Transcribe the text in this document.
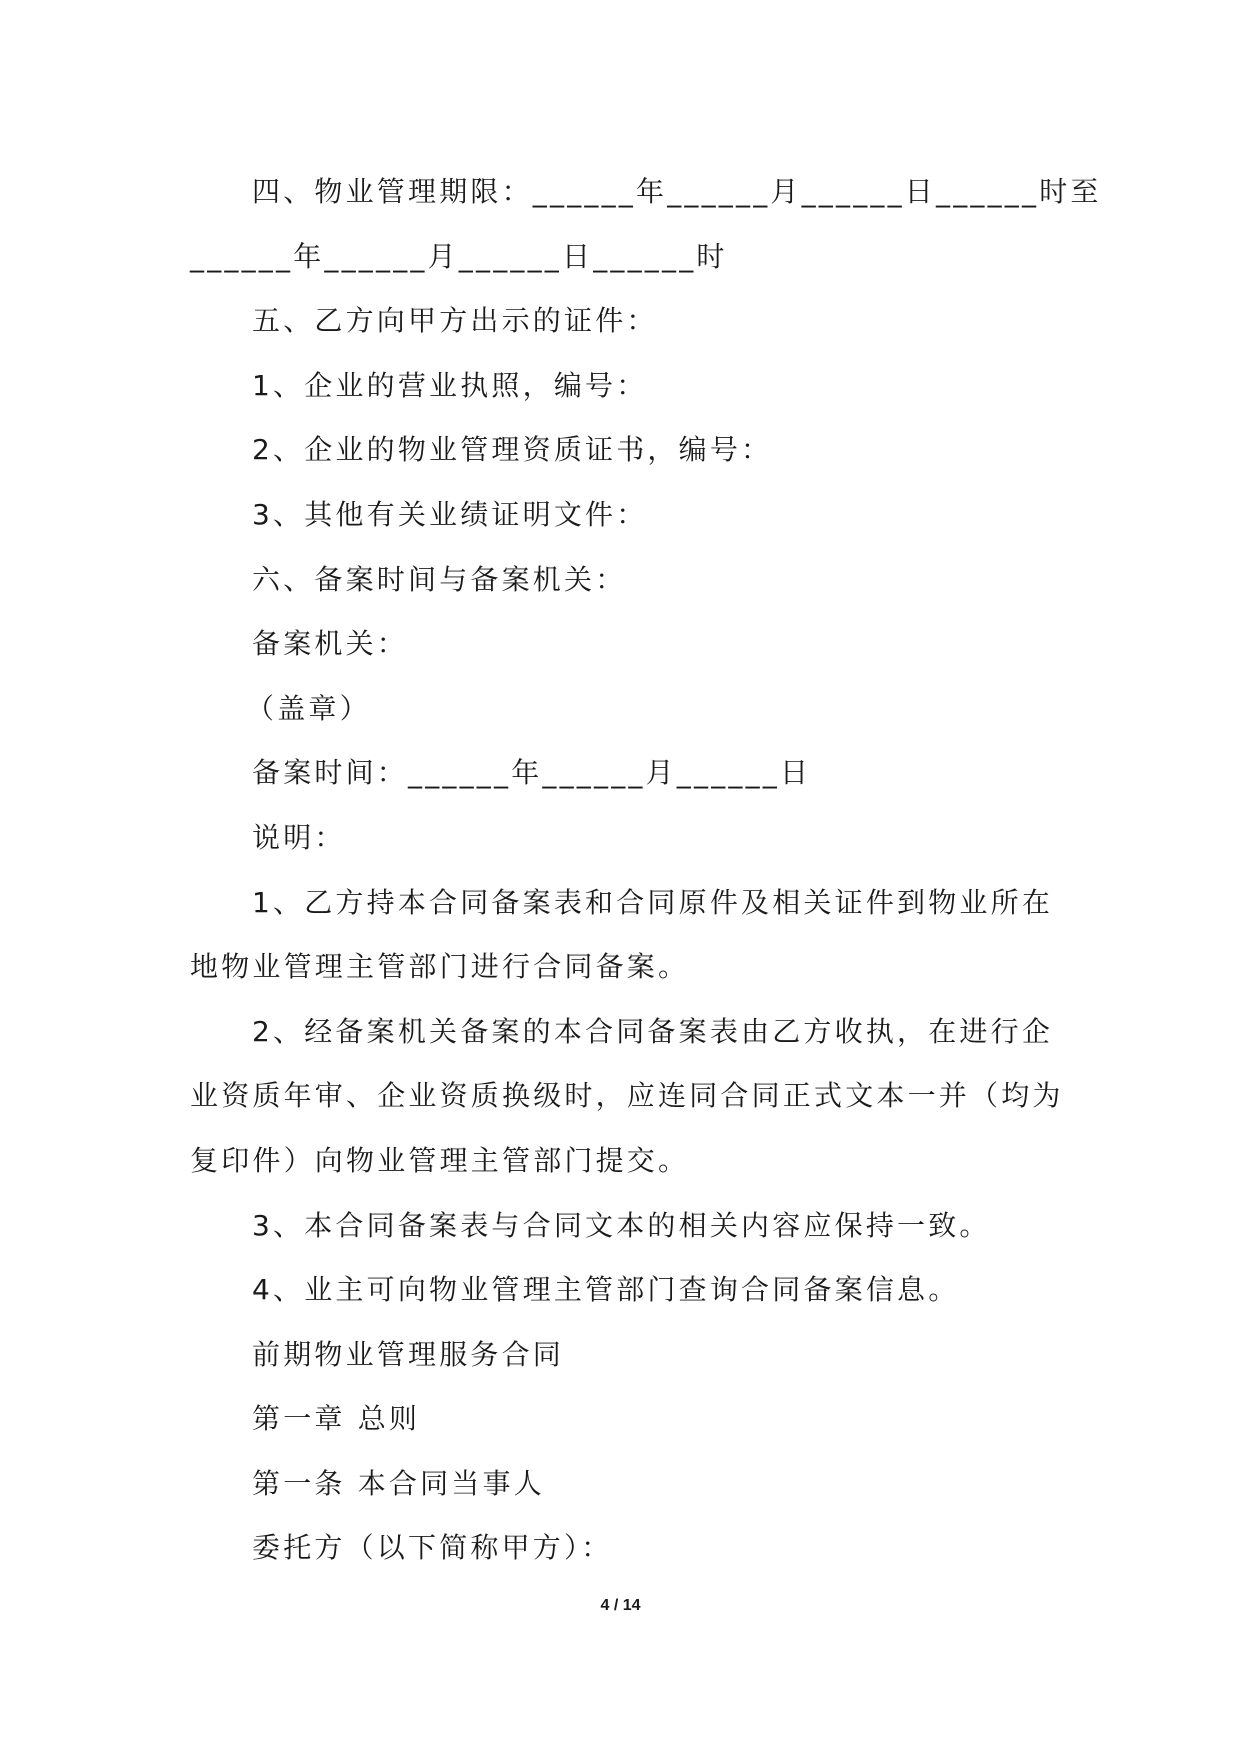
四、物业管理期限：______年______月______日______时至
______年______月______日______时
五、乙方向甲方出示的证件：
1、企业的营业执照，编号：
2、企业的物业管理资质证书，编号：
3、其他有关业绩证明文件：
六、备案时间与备案机关：
备案机关：
（盖章）
备案时间：______年______月______日
说明：
1、乙方持本合同备案表和合同原件及相关证件到物业所在
地物业管理主管部门进行合同备案。
2、经备案机关备案的本合同备案表由乙方收执，在进行企
业资质年审、企业资质换级时，应连同合同正式文本一并（均为
复印件）向物业管理主管部门提交。
3、本合同备案表与合同文本的相关内容应保持一致。
4、业主可向物业管理主管部门查询合同备案信息。
前期物业管理服务合同
第一章 总则
第一条 本合同当事人
委托方（以下简称甲方）：
4 / 14
